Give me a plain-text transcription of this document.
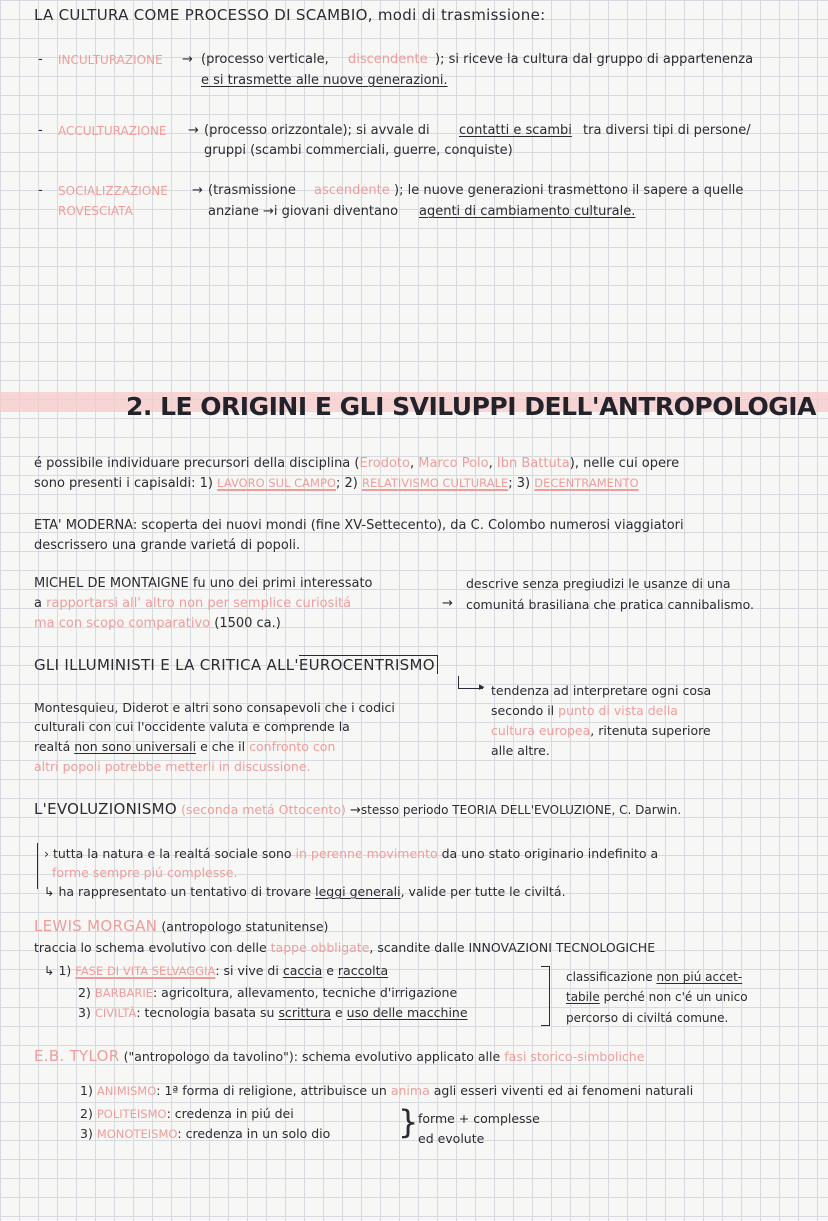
LA CULTURA COME PROCESSO DI SCAMBIO, modi di trasmissione:
- INCULTURAZIONE → (processo verticale, discendente ); si riceve la cultura dal gruppo di appartenenza
e si trasmette alle nuove generazioni.
- ACCULTURAZIONE → (processo orizzontale); si avvale di contatti e scambi tra diversi tipi di persone/
gruppi (scambi commerciali, guerre, conquiste)
- SOCIALIZZAZIONE
ROVESCIATA
→ (trasmissione ascendente ); le nuove generazioni trasmettono il sapere a quelle
anziane →i giovani diventano agenti di cambiamento culturale.
2. LE ORIGINI E GLI SVILUPPI DELL'ANTROPOLOGIA
é possibile individuare precursori della disciplina (Erodoto, Marco Polo, Ibn Battuta), nelle cui opere
sono presenti i capisaldi: 1) LAVORO SUL CAMPO; 2) RELATIVISMO CULTURALE; 3) DECENTRAMENTO
ETA' MODERNA: scoperta dei nuovi mondi (fine XV-Settecento), da C. Colombo numerosi viaggiatori
descrissero una grande varietá di popoli.
MICHEL DE MONTAIGNE fu uno dei primi interessato
a rapportarsi all' altro non per semplice curiositá
ma con scopo comparativo (1500 ca.)
→
descrive senza pregiudizi le usanze di una
comunitá brasiliana che pratica cannibalismo.
GLI ILLUMINISTI E LA CRITICA ALL'EUROCENTRISMO
▸
Montesquieu, Diderot e altri sono consapevoli che i codici
culturali con cui l'occidente valuta e comprende la
realtá non sono universali e che il confronto con
altri popoli potrebbe metterli in discussione.
tendenza ad interpretare ogni cosa
secondo il punto di vista della
cultura europea, ritenuta superiore
alle altre.
L'EVOLUZIONISMO (seconda metá Ottocento) →stesso periodo TEORIA DELL'EVOLUZIONE, C. Darwin.
› tutta la natura e la realtá sociale sono in perenne movimento da uno stato originario indefinito a
forme sempre piú complesse.
↳ ha rappresentato un tentativo di trovare leggi generali, valide per tutte le civiltá.
LEWIS MORGAN (antropologo statunitense)
traccia lo schema evolutivo con delle tappe obbligate, scandite dalle INNOVAZIONI TECNOLOGICHE
↳ 1) FASE DI VITA SELVAGGIA: si vive di caccia e raccolta
2) BARBARIE: agricoltura, allevamento, tecniche d'irrigazione
3) CIVILTÀ: tecnologia basata su scrittura e uso delle macchine
classificazione non piú accet-
tabile perché non c'é un unico
percorso di civiltá comune.
E.B. TYLOR ("antropologo da tavolino"): schema evolutivo applicato alle fasi storico-simboliche
1) ANIMISMO: 1ª forma di religione, attribuisce un anima agli esseri viventi ed ai fenomeni naturali
2) POLITEISMO: credenza in piú dei
3) MONOTEISMO: credenza in un solo dio } forme + complesse
ed evolute
